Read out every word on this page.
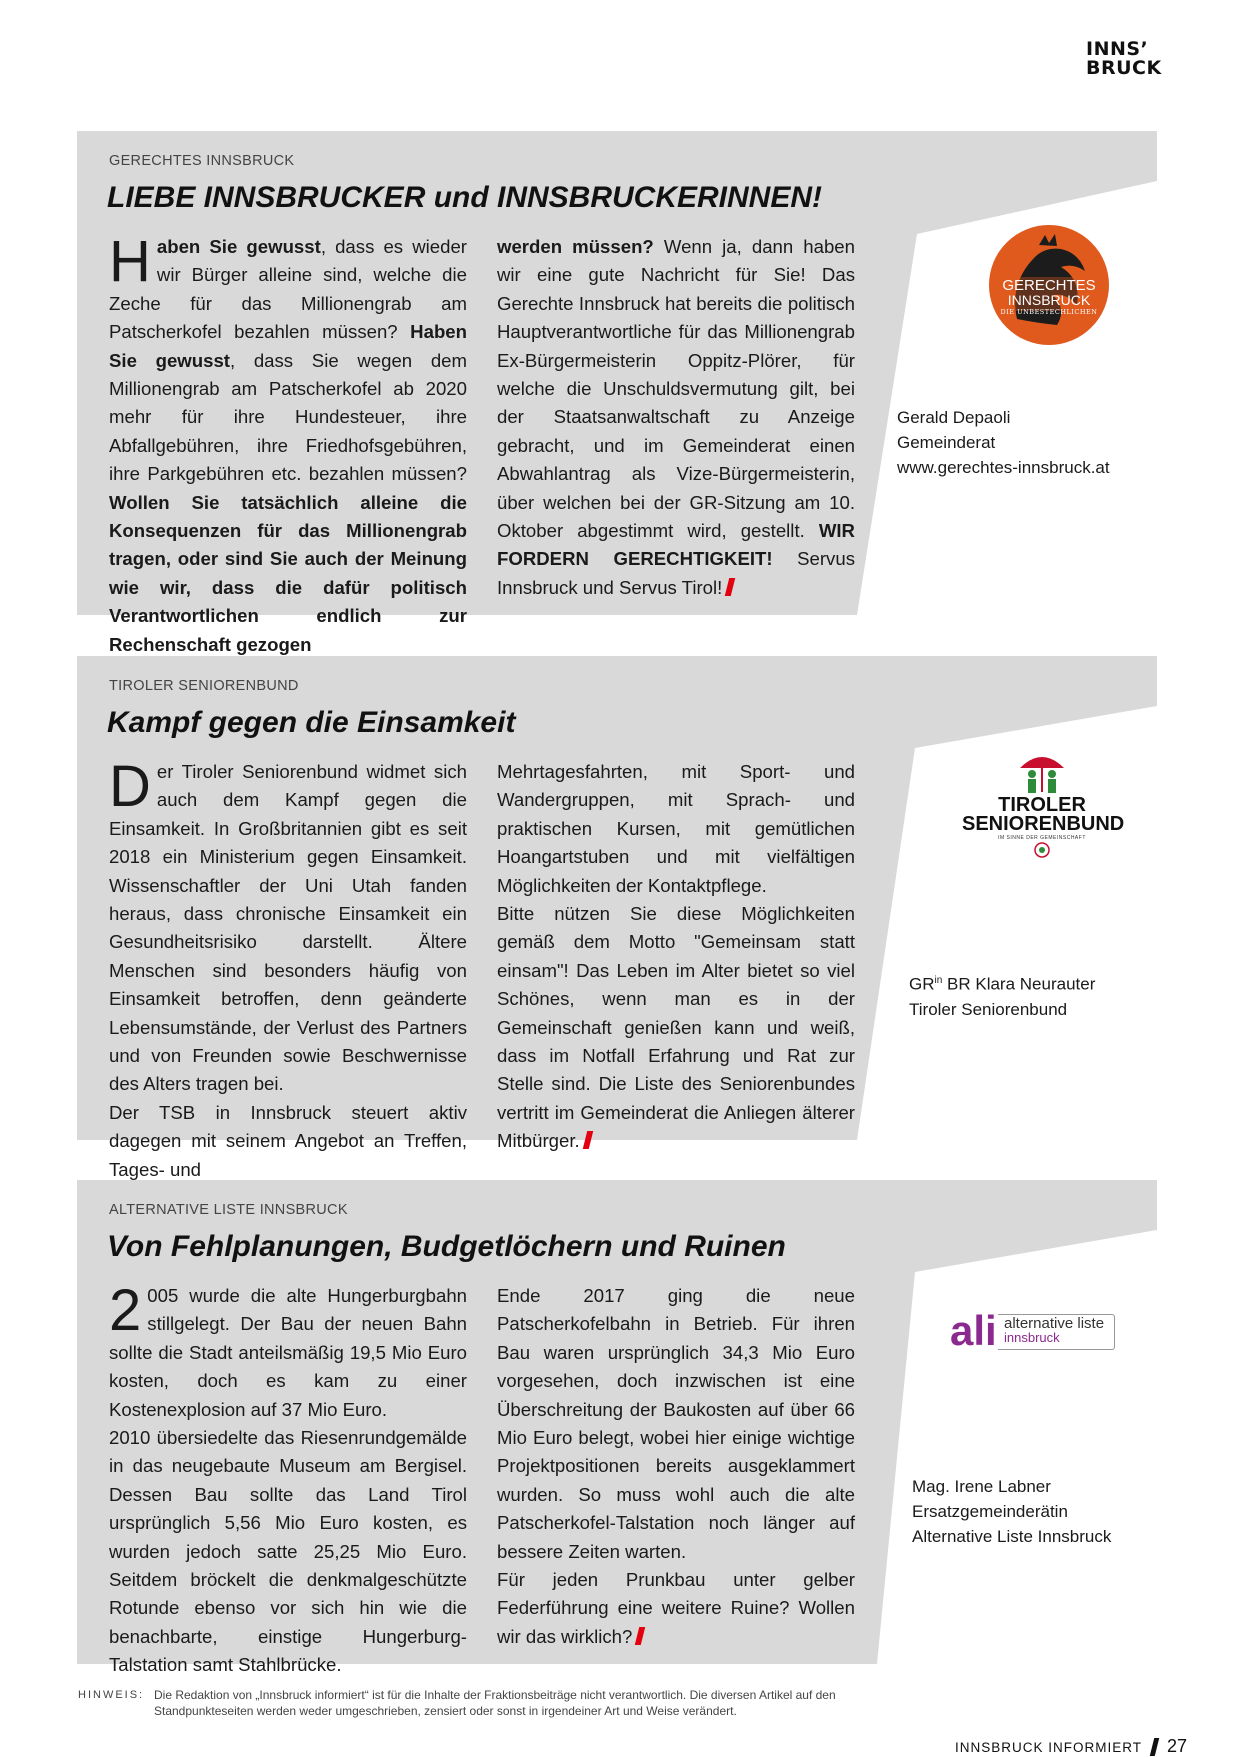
INNS’
BRUCK
GERECHTES INNSBRUCK
LIEBE INNSBRUCKER und INNSBRUCKERINNEN!

Haben Sie gewusst, dass es wieder wir Bürger alleine sind, welche die Zeche für das Millionengrab am Patscherkofel bezahlen müssen? Haben Sie gewusst, dass Sie wegen dem Millionengrab am Patscherkofel ab 2020 mehr für ihre Hundesteuer, ihre Abfallgebühren, ihre Friedhofsgebühren, ihre Parkgebühren etc. bezahlen müssen? Wollen Sie tatsächlich alleine die Konsequenzen für das Millionengrab tragen, oder sind Sie auch der Meinung wie wir, dass die dafür politisch Verantwortlichen endlich zur Rechenschaft gezogen

werden müssen? Wenn ja, dann haben wir eine gute Nachricht für Sie! Das Gerechte Innsbruck hat bereits die politisch Hauptverantwortliche für das Millionengrab Ex-Bürgermeisterin Oppitz-Plörer, für welche die Unschuldsvermutung gilt, bei der Staatsanwaltschaft zu Anzeige gebracht, und im Gemeinderat einen Abwahlantrag als Vize-Bürgermeisterin, über welchen bei der GR-Sitzung am 10. Oktober abgestimmt wird, gestellt. WIR FORDERN GERECHTIGKEIT! Servus Innsbruck und Servus Tirol!

GERECHTES
INNSBRUCK
DIE UNBESTECHLICHEN
Gerald Depaoli
Gemeinderat
www.gerechtes-innsbruck.at
TIROLER SENIORENBUND
Kampf gegen die Einsamkeit

Der Tiroler Seniorenbund widmet sich auch dem Kampf gegen die Einsamkeit. In Großbritannien gibt es seit 2018 ein Ministerium gegen Einsamkeit. Wissenschaftler der Uni Utah fanden heraus, dass chronische Einsamkeit ein Gesundheitsrisiko darstellt. Ältere Menschen sind besonders häufig von Einsamkeit betroffen, denn geänderte Lebensumstände, der Verlust des Partners und von Freunden sowie Beschwernisse des Alters tragen bei.

Der TSB in Innsbruck steuert aktiv dagegen mit seinem Angebot an Treffen, Tages- und

Mehrtagesfahrten, mit Sport- und Wandergruppen, mit Sprach- und praktischen Kursen, mit gemütlichen Hoangartstuben und mit vielfältigen Möglichkeiten der Kontaktpflege.

Bitte nützen Sie diese Möglichkeiten gemäß dem Motto "Gemeinsam statt einsam"! Das Leben im Alter bietet so viel Schönes, wenn man es in der Gemeinschaft genießen kann und weiß, dass im Notfall Erfahrung und Rat zur Stelle sind. Die Liste des Seniorenbundes vertritt im Gemeinderat die Anliegen älterer Mitbürger.

TIROLER
SENIORENBUND
IM SINNE DER GEMEINSCHAFT
$GR^{in}$ BR Klara Neurauter
Tiroler Seniorenbund
ALTERNATIVE LISTE INNSBRUCK
Von Fehlplanungen, Budgetlöchern und Ruinen

2 005 wurde die alte Hungerburgbahn stillgelegt. Der Bau der neuen Bahn sollte die Stadt anteilsmäßig 19,5 Mio Euro kosten, doch es kam zu einer Kostenexplosion auf 37 Mio Euro.

2010 übersiedelte das Riesenrundgemälde in das neugebaute Museum am Bergisel. Dessen Bau sollte das Land Tirol ursprünglich 5,56 Mio Euro kosten, es wurden jedoch satte 25,25 Mio Euro. Seitdem bröckelt die denkmalgeschützte Rotunde ebenso vor sich hin wie die benachbarte, einstige Hungerburg-Talstation samt Stahlbrücke.

Ende 2017 ging die neue Patscherkofelbahn in Betrieb. Für ihren Bau waren ursprünglich 34,3 Mio Euro vorgesehen, doch inzwischen ist eine Überschreitung der Baukosten auf über 66 Mio Euro belegt, wobei hier einige wichtige Projektpositionen bereits ausgeklammert wurden. So muss wohl auch die alte Patscherkofel-Talstation noch länger auf bessere Zeiten warten.

Für jeden Prunkbau unter gelber Federführung eine weitere Ruine? Wollen wir das wirklich?

ali alternative liste
innsbruck
Mag. Irene Labner
Ersatzgemeinderätin
Alternative Liste Innsbruck
HINWEIS: Die Redaktion von „Innsbruck informiert“ ist für die Inhalte der Fraktionsbeiträge nicht verantwortlich. Die diversen Artikel auf den Standpunkteseiten werden weder umgeschrieben, zensiert oder sonst in irgendeiner Art und Weise verändert.
INNSBRUCK INFORMIERT 27
